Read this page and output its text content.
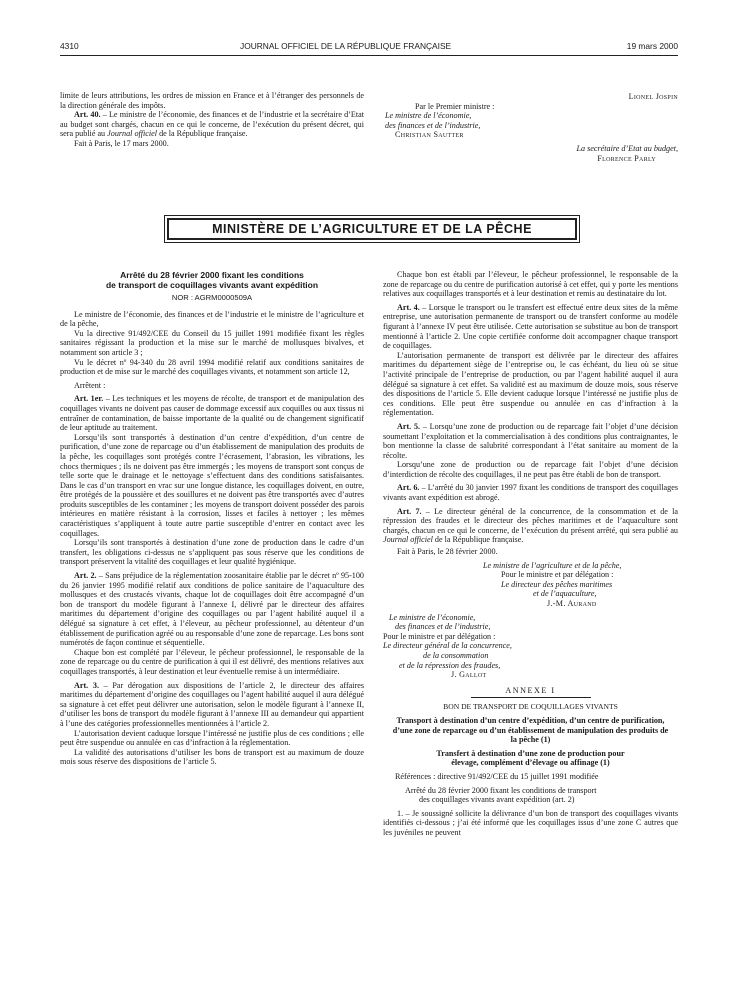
4310	JOURNAL OFFICIEL DE LA RÉPUBLIQUE FRANÇAISE	19 mars 2000

limite de leurs attributions, les ordres de mission en France et à l’étranger des personnels de la direction générale des impôts.

Art. 40. – Le ministre de l’économie, des finances et de l’industrie et la secrétaire d’Etat au budget sont chargés, chacun en ce qui le concerne, de l’exécution du présent décret, qui sera publié au Journal officiel de la République française.

Fait à Paris, le 17 mars 2000.

Lionel Jospin
Par le Premier ministre :
Le ministre de l’économie,
des finances et de l’industrie,
Christian Sautter
La secrétaire d’Etat au budget,
Florence Parly
MINISTÈRE DE L’AGRICULTURE ET DE LA PÊCHE
Arrêté du 28 février 2000 fixant les conditions
de transport de coquillages vivants avant expédition
NOR : AGRM0000509A

Le ministre de l’économie, des finances et de l’industrie et le ministre de l’agriculture et de la pêche,

Vu la directive 91/492/CEE du Conseil du 15 juillet 1991 modifiée fixant les règles sanitaires régissant la production et la mise sur le marché de mollusques bivalves, et notamment son article 3 ;

Vu le décret nº 94-340 du 28 avril 1994 modifié relatif aux conditions sanitaires de production et de mise sur le marché des coquillages vivants, et notamment son article 12,

Arrêtent :

Art. 1er. – Les techniques et les moyens de récolte, de transport et de manipulation des coquillages vivants ne doivent pas causer de dommage excessif aux coquilles ou aux tissus ni entraîner de contamination, de baisse importante de la qualité ou de changement significatif de leur aptitude au traitement.

Lorsqu’ils sont transportés à destination d’un centre d’expédition, d’un centre de purification, d’une zone de reparcage ou d’un établissement de manipulation des produits de la pêche, les coquillages sont protégés contre l’écrasement, l’abrasion, les vibrations, les chocs thermiques ; ils ne doivent pas être immergés ; les moyens de transport sont conçus de telle sorte que le drainage et le nettoyage s’effectuent dans des conditions satisfaisantes. Dans le cas d’un transport en vrac sur une longue distance, les coquillages doivent, en outre, être protégés de la poussière et des souillures et ne doivent pas être transportés avec d’autres produits susceptibles de les contaminer ; les moyens de transport doivent posséder des parois intérieures en matière résistant à la corrosion, lisses et faciles à nettoyer ; les mêmes caractéristiques s’appliquent à toute autre partie susceptible d’entrer en contact avec les coquillages.

Lorsqu’ils sont transportés à destination d’une zone de production dans le cadre d’un transfert, les obligations ci-dessus ne s’appliquent pas sous réserve que les conditions de transport préservent la vitalité des coquillages et leur qualité hygiénique.

Art. 2. – Sans préjudice de la réglementation zoosanitaire établie par le décret nº 95-100 du 26 janvier 1995 modifié relatif aux conditions de police sanitaire de l’aquaculture des mollusques et des crustacés vivants, chaque lot de coquillages doit être accompagné d’un bon de transport du modèle figurant à l’annexe I, délivré par le directeur des affaires maritimes du département d’origine des coquillages ou par l’agent habilité auquel il a délégué sa signature à cet effet, à l’éleveur, au pêcheur professionnel, au détenteur d’un établissement de purification agréé ou au responsable d’une zone de reparcage. Les bons sont numérotés de façon continue et séquentielle.

Chaque bon est complété par l’éleveur, le pêcheur professionnel, le responsable de la zone de reparcage ou du centre de purification à qui il est délivré, des mentions relatives aux coquillages transportés, à leur destination et leur éventuelle remise à un intermédiaire.

Art. 3. – Par dérogation aux dispositions de l’article 2, le directeur des affaires maritimes du département d’origine des coquillages ou l’agent habilité auquel il aura délégué sa signature à cet effet peut délivrer une autorisation, selon le modèle figurant à l’annexe II, d’utiliser les bons de transport du modèle figurant à l’annexe III au demandeur qui appartient à l’une des catégories professionnelles mentionnées à l’article 2.

L’autorisation devient caduque lorsque l’intéressé ne justifie plus de ces conditions ; elle peut être suspendue ou annulée en cas d’infraction à la réglementation.

La validité des autorisations d’utiliser les bons de transport est au maximum de douze mois sous réserve des dispositions de l’article 5.

Chaque bon est établi par l’éleveur, le pêcheur professionnel, le responsable de la zone de reparcage ou du centre de purification autorisé à cet effet, qui y porte les mentions relatives aux coquillages transportés et à leur destination et remis au destinataire du lot.

Art. 4. – Lorsque le transport ou le transfert est effectué entre deux sites de la même entreprise, une autorisation permanente de transport ou de transfert conforme au modèle figurant à l’annexe IV peut être utilisée. Cette autorisation se substitue au bon de transport mentionné à l’article 2. Une copie certifiée conforme doit accompagner chaque transport de coquillages.

L’autorisation permanente de transport est délivrée par le directeur des affaires maritimes du département siège de l’entreprise ou, le cas échéant, du lieu où se situe l’activité principale de l’entreprise de production, ou par l’agent habilité auquel il aura délégué sa signature à cet effet. Sa validité est au maximum de douze mois, sous réserve des dispositions de l’article 5. Elle devient caduque lorsque l’intéressé ne justifie plus de ces conditions. Elle peut être suspendue ou annulée en cas d’infraction à la réglementation.

Art. 5. – Lorsqu’une zone de production ou de reparcage fait l’objet d’une décision soumettant l’exploitation et la commercialisation à des conditions plus contraignantes, le bon mentionne la classe de salubrité correspondant à l’état sanitaire au moment de la récolte.

Lorsqu’une zone de production ou de reparcage fait l’objet d’une décision d’interdiction de récolte des coquillages, il ne peut pas être établi de bon de transport.

Art. 6. – L’arrêté du 30 janvier 1997 fixant les conditions de transport des coquillages vivants avant expédition est abrogé.

Art. 7. – Le directeur général de la concurrence, de la consommation et de la répression des fraudes et le directeur des pêches maritimes et de l’aquaculture sont chargés, chacun en ce qui le concerne, de l’exécution du présent arrêté, qui sera publié au Journal officiel de la République française.

Fait à Paris, le 28 février 2000.

Le ministre de l’agriculture et de la pêche,
Pour le ministre et par délégation :
Le directeur des pêches maritimes
et de l’aquaculture,
J.-M. Aurand
Le ministre de l’économie,
des finances et de l’industrie,
Pour le ministre et par délégation :
Le directeur général de la concurrence,
de la consommation
et de la répression des fraudes,
J. Gallot
ANNEXE I
BON DE TRANSPORT DE COQUILLAGES VIVANTS
Transport à destination d’un centre d’expédition, d’un centre de purification, d’une zone de reparcage ou d’un établissement de manipulation des produits de la pêche (1)
Transfert à destination d’une zone de production pour élevage, complément d’élevage ou affinage (1)
Références : directive 91/492/CEE du 15 juillet 1991 modifiée
Arrêté du 28 février 2000 fixant les conditions de transport
des coquillages vivants avant expédition (art. 2)

1. – Je soussigné sollicite la délivrance d’un bon de transport des coquillages vivants identifiés ci-dessous ; j’ai été informé que les coquillages issus d’une zone C autres que les juvéniles ne peuvent
